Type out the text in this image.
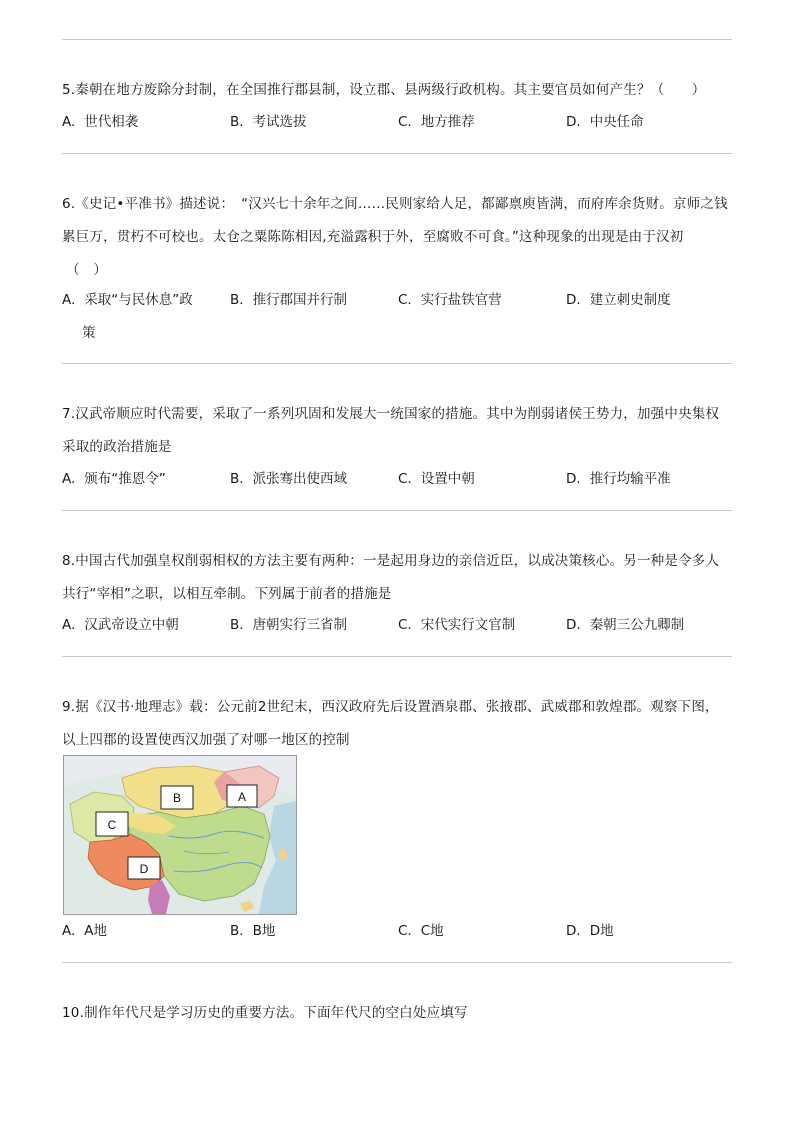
5.秦朝在地方废除分封制，在全国推行郡县制，设立郡、县两级行政机构。其主要官员如何产生？（　　）
A. 世代相袭	B. 考试选拔	C. 地方推荐	D. 中央任命
6.《史记•平准书》描述说：　“汉兴七十余年之间……民则家给人足，都鄙禀庾皆满，而府库余货财。京师之钱
累巨万，贯朽不可校也。太仓之粟陈陈相因,充溢露积于外，至腐败不可食。”这种现象的出现是由于汉初
（　）
A. 采取“与民休息”政
策
B. 推行郡国并行制	C. 实行盐铁官营	D. 建立刺史制度
7.汉武帝顺应时代需要，采取了一系列巩固和发展大一统国家的措施。其中为削弱诸侯王势力，加强中央集权
采取的政治措施是
A. 颁布“推恩令”	B. 派张骞出使西域	C. 设置中朝	D. 推行均输平准
8.中国古代加强皇权削弱相权的方法主要有两种：一是起用身边的亲信近臣，以成决策核心。另一种是令多人
共行“宰相”之职，以相互牵制。下列属于前者的措施是
A. 汉武帝设立中朝	B. 唐朝实行三省制	C. 宋代实行文官制	D. 秦朝三公九卿制
9.据《汉书·地理志》载：公元前2世纪末，西汉政府先后设置酒泉郡、张掖郡、武威郡和敦煌郡。观察下图，
以上四郡的设置使西汉加强了对哪一地区的控制
A
B
C
D
A. A地	B. B地	C. C地	D. D地
10.制作年代尺是学习历史的重要方法。下面年代尺的空白处应填写
